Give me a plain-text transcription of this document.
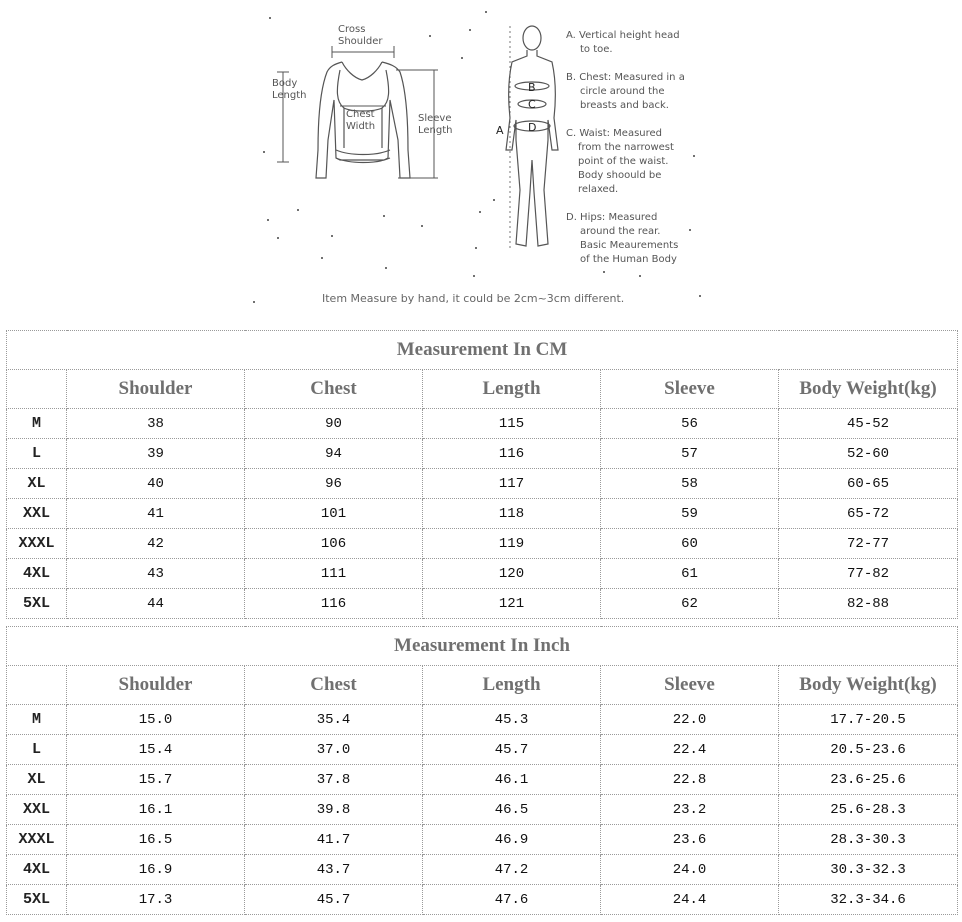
Cross
Shoulder
Body
Length
Chest
Width
Sleeve
Length
B
C
D
A
A. Vertical height head
to toe.
B. Chest: Measured in a
circle around the
breasts and back.
C. Waist: Measured
from the narrowest
point of the waist.
Body shoould be
relaxed.
D. Hips: Measured
around the rear.
Basic Meaurements
of the Human Body
Item Measure by hand, it could be 2cm~3cm different.
Measurement In CM					
	Shoulder	Chest	Length	Sleeve	Body Weight(kg)
M	38	90	115	56	45-52
L	39	94	116	57	52-60
XL	40	96	117	58	60-65
XXL	41	101	118	59	65-72
XXXL	42	106	119	60	72-77
4XL	43	111	120	61	77-82
5XL	44	116	121	62	82-88
Measurement In Inch					
	Shoulder	Chest	Length	Sleeve	Body Weight(kg)
M	15.0	35.4	45.3	22.0	17.7-20.5
L	15.4	37.0	45.7	22.4	20.5-23.6
XL	15.7	37.8	46.1	22.8	23.6-25.6
XXL	16.1	39.8	46.5	23.2	25.6-28.3
XXXL	16.5	41.7	46.9	23.6	28.3-30.3
4XL	16.9	43.7	47.2	24.0	30.3-32.3
5XL	17.3	45.7	47.6	24.4	32.3-34.6
